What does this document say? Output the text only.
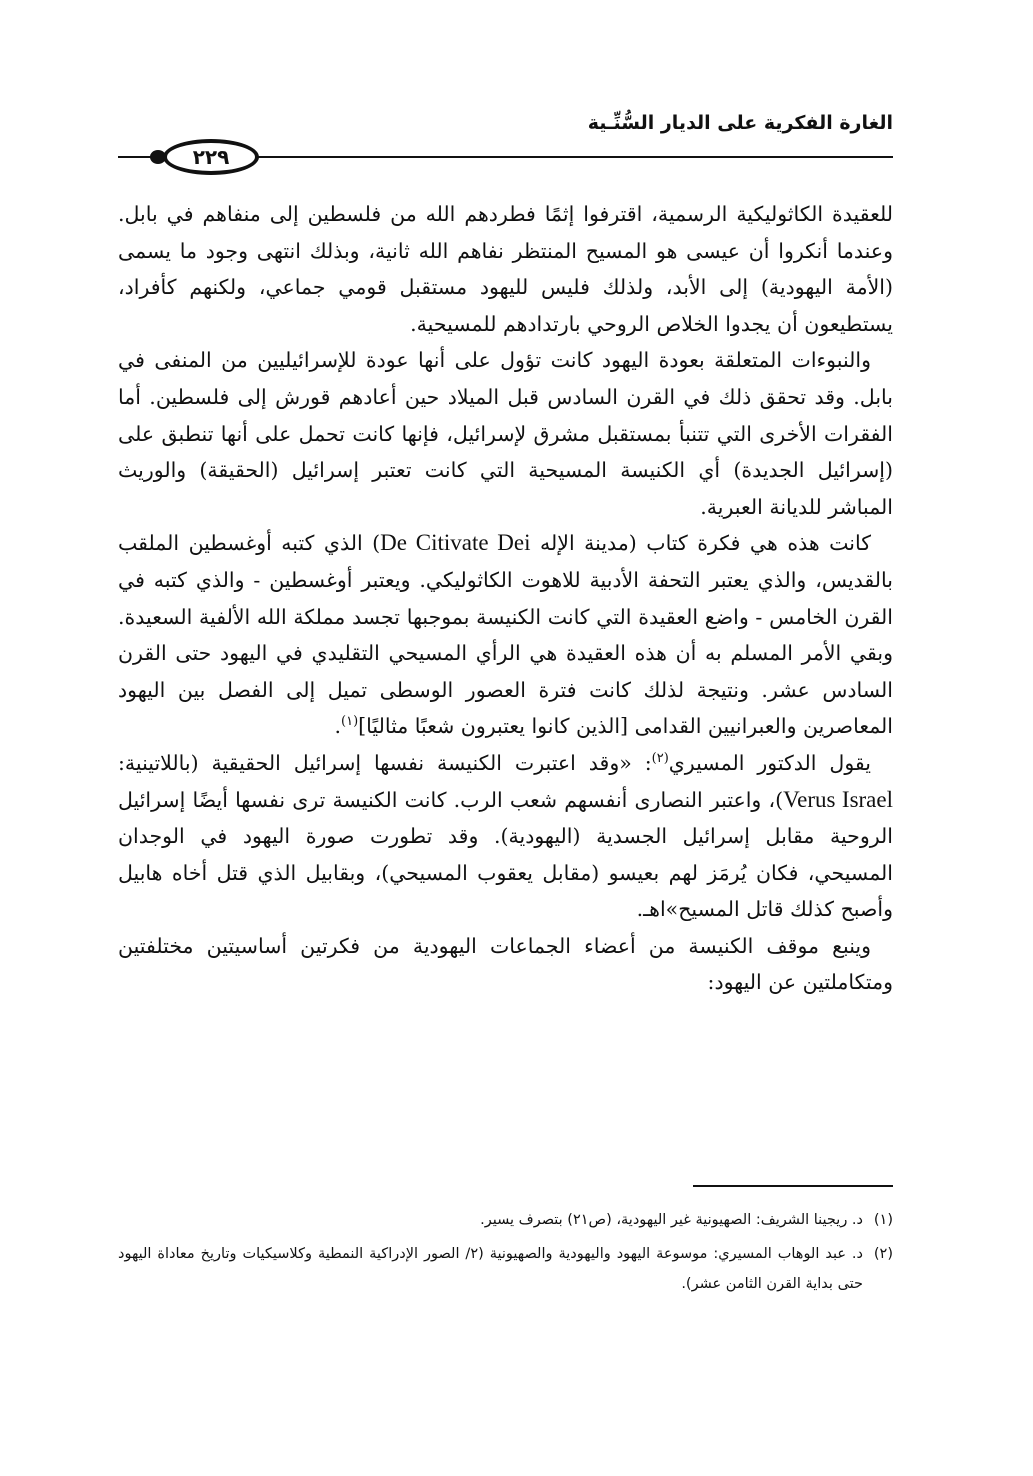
الغارة الفكرية على الديار السُّنِّـية
٢٢٩

للعقيدة الكاثوليكية الرسمية، اقترفوا إثمًا فطردهم الله من فلسطين إلى منفاهم في بابل. وعندما أنكروا أن عيسى هو المسيح المنتظر نفاهم الله ثانية، وبذلك انتهى وجود ما يسمى (الأمة اليهودية) إلى الأبد، ولذلك فليس لليهود مستقبل قومي جماعي، ولكنهم كأفراد، يستطيعون أن يجدوا الخلاص الروحي بارتدادهم للمسيحية.

والنبوءات المتعلقة بعودة اليهود كانت تؤول على أنها عودة للإسرائيليين من المنفى في بابل. وقد تحقق ذلك في القرن السادس قبل الميلاد حين أعادهم قورش إلى فلسطين. أما الفقرات الأخرى التي تتنبأ بمستقبل مشرق لإسرائيل، فإنها كانت تحمل على أنها تنطبق على (إسرائيل الجديدة) أي الكنيسة المسيحية التي كانت تعتبر إسرائيل (الحقيقة) والوريث المباشر للديانة العبرية.

كانت هذه هي فكرة كتاب (مدينة الإله De Citivate Dei) الذي كتبه أوغسطين الملقب بالقديس، والذي يعتبر التحفة الأدبية للاهوت الكاثوليكي. ويعتبر أوغسطين - والذي كتبه في القرن الخامس - واضع العقيدة التي كانت الكنيسة بموجبها تجسد مملكة الله الألفية السعيدة. وبقي الأمر المسلم به أن هذه العقيدة هي الرأي المسيحي التقليدي في اليهود حتى القرن السادس عشر. ونتيجة لذلك كانت فترة العصور الوسطى تميل إلى الفصل بين اليهود المعاصرين والعبرانيين القدامى [الذين كانوا يعتبرون شعبًا مثاليًا]$^{(١)}$.

يقول الدكتور المسيري$^{(٢)}$: «وقد اعتبرت الكنيسة نفسها إسرائيل الحقيقية (باللاتينية: Verus Israel)، واعتبر النصارى أنفسهم شعب الرب. كانت الكنيسة ترى نفسها أيضًا إسرائيل الروحية مقابل إسرائيل الجسدية (اليهودية). وقد تطورت صورة اليهود في الوجدان المسيحي، فكان يُرمَز لهم بعيسو (مقابل يعقوب المسيحي)، وبقابيل الذي قتل أخاه هابيل وأصبح كذلك قاتل المسيح»اهـ.

وينبع موقف الكنيسة من أعضاء الجماعات اليهودية من فكرتين أساسيتين مختلفتين ومتكاملتين عن اليهود:

(١)
د. ريجينا الشريف: الصهيونية غير اليهودية، (ص٢١) بتصرف يسير.
(٢)
د. عبد الوهاب المسيري: موسوعة اليهود واليهودية والصهيونية (٢/ الصور الإدراكية النمطية وكلاسيكيات وتاريخ معاداة اليهود حتى بداية القرن الثامن عشر).
